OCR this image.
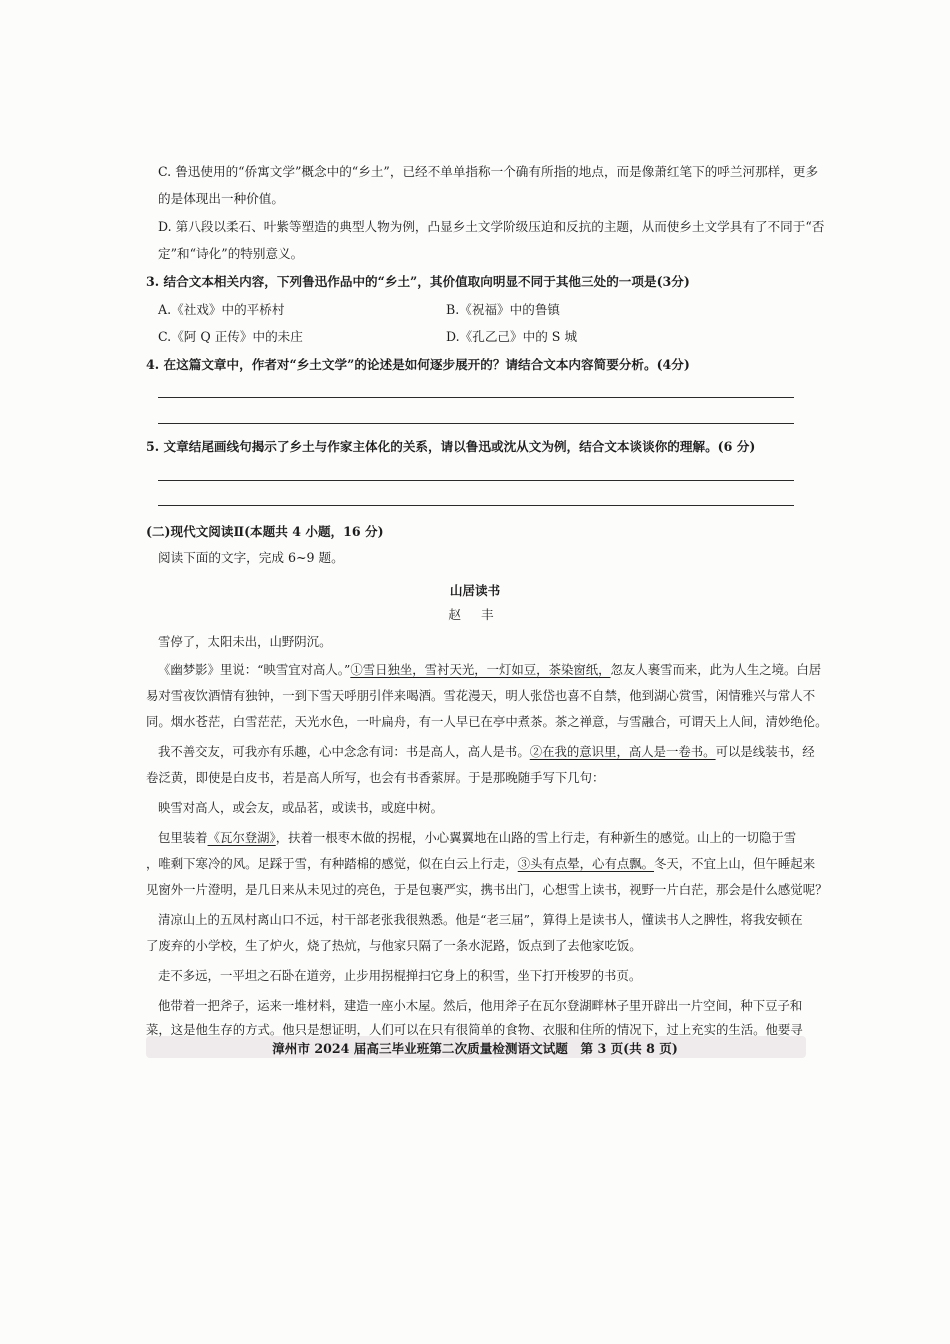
C. 鲁迅使用的“侨寓文学”概念中的“乡土”，已经不单单指称一个确有所指的地点，而是像萧红笔下的呼兰河那样，更多
的是体现出一种价值。
D. 第八段以柔石、叶紫等塑造的典型人物为例，凸显乡土文学阶级压迫和反抗的主题，从而使乡土文学具有了不同于“否
定”和“诗化”的特别意义。
3. 结合文本相关内容，下列鲁迅作品中的“乡土”，其价值取向明显不同于其他三处的一项是(3分)
A.《社戏》中的平桥村	B.《祝福》中的鲁镇
C.《阿 Q 正传》中的未庄	D.《孔乙己》中的 S 城
4. 在这篇文章中，作者对“乡土文学”的论述是如何逐步展开的？请结合文本内容简要分析。(4分)
5. 文章结尾画线句揭示了乡土与作家主体化的关系，请以鲁迅或沈从文为例，结合文本谈谈你的理解。(6 分)
(二)现代文阅读Ⅱ(本题共 4 小题，16 分)
阅读下面的文字，完成 6~9 题。
山居读书
赵 丰
雪停了，太阳未出，山野阴沉。
《幽梦影》里说：“映雪宜对高人。”①雪日独坐，雪衬天光，一灯如豆，茶染窗纸，忽友人裹雪而来，此为人生之境。白居
易对雪夜饮酒情有独钟，一到下雪天呼朋引伴来喝酒。雪花漫天，明人张岱也喜不自禁，他到湖心赏雪，闲情雅兴与常人不
同。烟水苍茫，白雪茫茫，天光水色，一叶扁舟，有一人早已在亭中煮茶。茶之禅意，与雪融合，可谓天上人间，清妙绝伦。
我不善交友，可我亦有乐趣，心中念念有词：书是高人，高人是书。②在我的意识里，高人是一卷书。可以是线装书，经
卷泛黄，即使是白皮书，若是高人所写，也会有书香萦屏。于是那晚随手写下几句：
映雪对高人，或会友，或品茗，或读书，或庭中树。
包里装着《瓦尔登湖》，扶着一根枣木做的拐棍，小心翼翼地在山路的雪上行走，有种新生的感觉。山上的一切隐于雪
，唯剩下寒冷的风。足踩于雪，有种踏棉的感觉，似在白云上行走，③头有点晕，心有点飘。冬天，不宜上山，但午睡起来
见窗外一片澄明，是几日来从未见过的亮色，于是包裹严实，携书出门，心想雪上读书，视野一片白茫，那会是什么感觉呢？
清凉山上的五凤村离山口不远，村干部老张我很熟悉。他是“老三届”，算得上是读书人，懂读书人之脾性，将我安顿在
了废弃的小学校，生了炉火，烧了热炕，与他家只隔了一条水泥路，饭点到了去他家吃饭。
走不多远，一平坦之石卧在道旁，止步用拐棍掸扫它身上的积雪，坐下打开梭罗的书页。
他带着一把斧子，运来一堆材料，建造一座小木屋。然后，他用斧子在瓦尔登湖畔林子里开辟出一片空间，种下豆子和
菜，这是他生存的方式。他只是想证明，人们可以在只有很简单的食物、衣服和住所的情况下，过上充实的生活。他要寻
漳州市 2024 届高三毕业班第二次质量检测语文试题　第 3 页(共 8 页)
